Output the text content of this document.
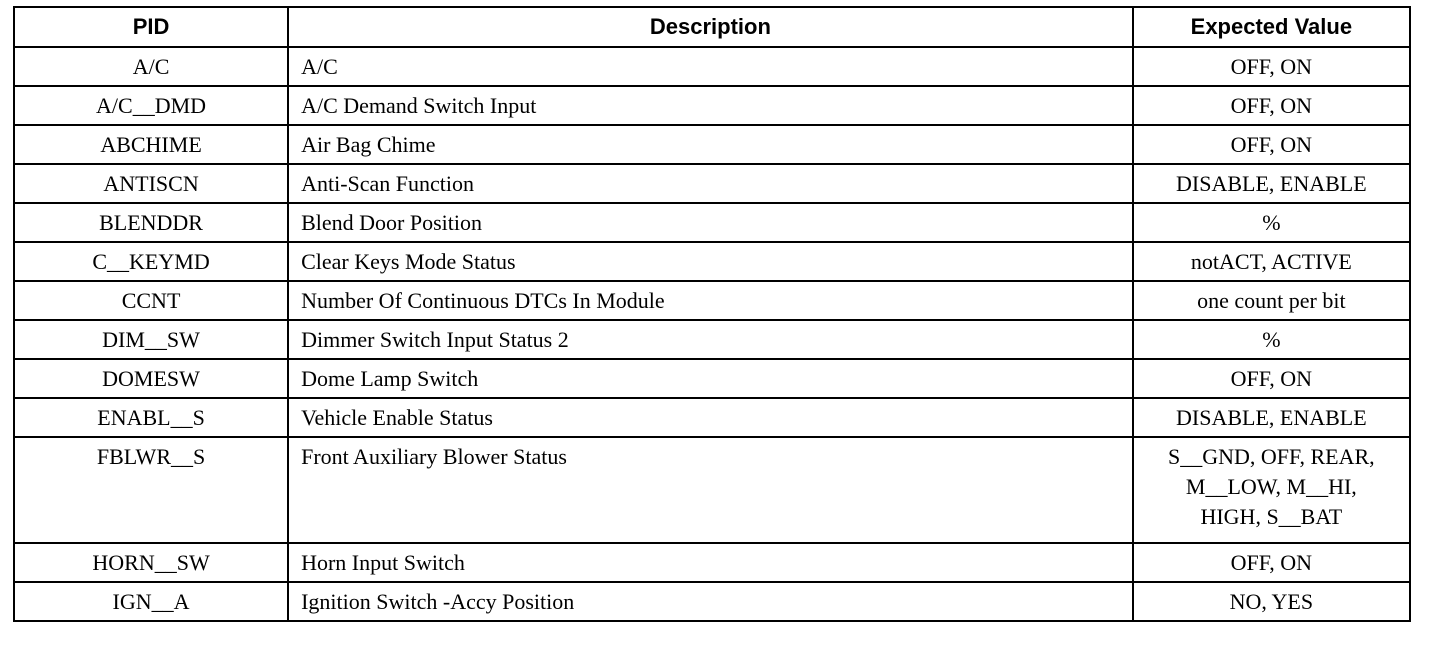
PID	Description	Expected Value
A/C	A/C	OFF, ON
A/C__DMD	A/C Demand Switch Input	OFF, ON
ABCHIME	Air Bag Chime	OFF, ON
ANTISCN	Anti-Scan Function	DISABLE, ENABLE
BLENDDR	Blend Door Position	%
C__KEYMD	Clear Keys Mode Status	notACT, ACTIVE
CCNT	Number Of Continuous DTCs In Module	one count per bit
DIM__SW	Dimmer Switch Input Status 2	%
DOMESW	Dome Lamp Switch	OFF, ON
ENABL__S	Vehicle Enable Status	DISABLE, ENABLE
FBLWR__S	Front Auxiliary Blower Status	S__GND, OFF, REAR,
M__LOW, M__HI,
HIGH, S__BAT

HORN__SW	Horn Input Switch	OFF, ON
IGN__A	Ignition Switch -Accy Position	NO, YES
